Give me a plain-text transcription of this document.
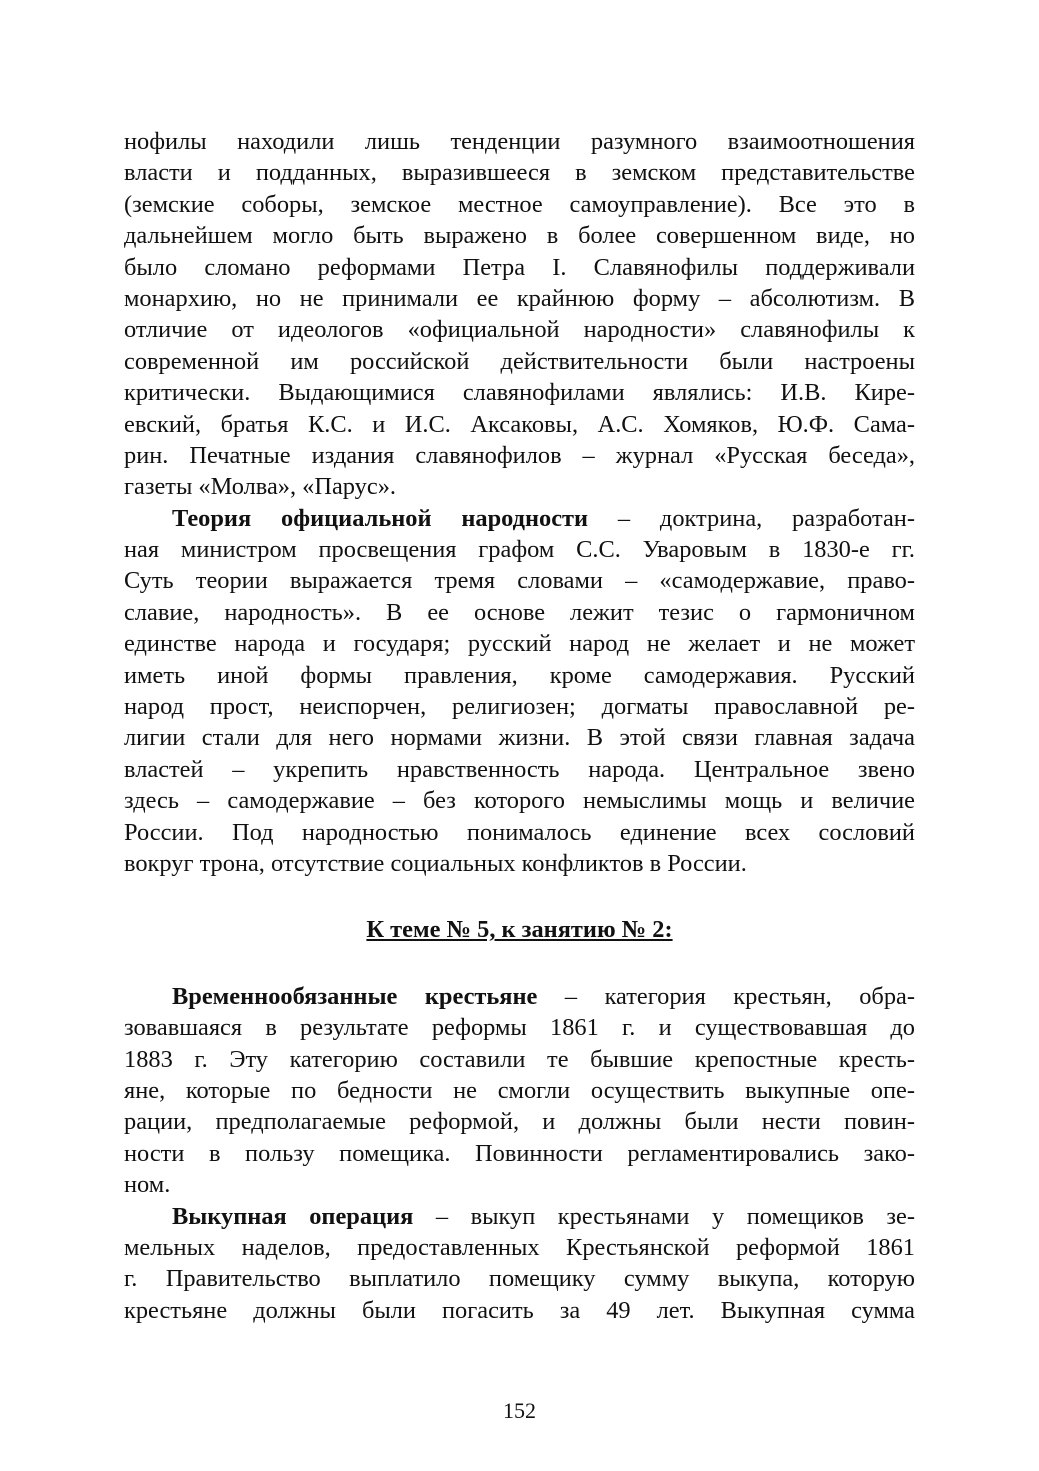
нофилы находили лишь тенденции разумного взаимоотношения
власти и подданных, выразившееся в земском представительстве
(земские соборы, земское местное самоуправление). Все это в
дальнейшем могло быть выражено в более совершенном виде, но
было сломано реформами Петра I. Славянофилы поддерживали
монархию, но не принимали ее крайнюю форму – абсолютизм. В
отличие от идеологов «официальной народности» славянофилы к
современной им российской действительности были настроены
критически. Выдающимися славянофилами являлись: И.В. Кире-
евский, братья К.С. и И.С. Аксаковы, А.С. Хомяков, Ю.Ф. Сама-
рин. Печатные издания славянофилов – журнал «Русская беседа»,
газеты «Молва», «Парус».
Теория официальной народности – доктрина, разработан-
ная министром просвещения графом С.С. Уваровым в 1830-е гг.
Суть теории выражается тремя словами – «самодержавие, право-
славие, народность». В ее основе лежит тезис о гармоничном
единстве народа и государя; русский народ не желает и не может
иметь иной формы правления, кроме самодержавия. Русский
народ прост, неиспорчен, религиозен; догматы православной ре-
лигии стали для него нормами жизни. В этой связи главная задача
властей – укрепить нравственность народа. Центральное звено
здесь – самодержавие – без которого немыслимы мощь и величие
России. Под народностью понималось единение всех сословий
вокруг трона, отсутствие социальных конфликтов в России.
К теме № 5, к занятию № 2:
Временнообязанные крестьяне – категория крестьян, обра-
зовавшаяся в результате реформы 1861 г. и существовавшая до
1883 г. Эту категорию составили те бывшие крепостные кресть-
яне, которые по бедности не смогли осуществить выкупные опе-
рации, предполагаемые реформой, и должны были нести повин-
ности в пользу помещика. Повинности регламентировались зако-
ном.
Выкупная операция – выкуп крестьянами у помещиков зе-
мельных наделов, предоставленных Крестьянской реформой 1861
г. Правительство выплатило помещику сумму выкупа, которую
крестьяне должны были погасить за 49 лет. Выкупная сумма
152
